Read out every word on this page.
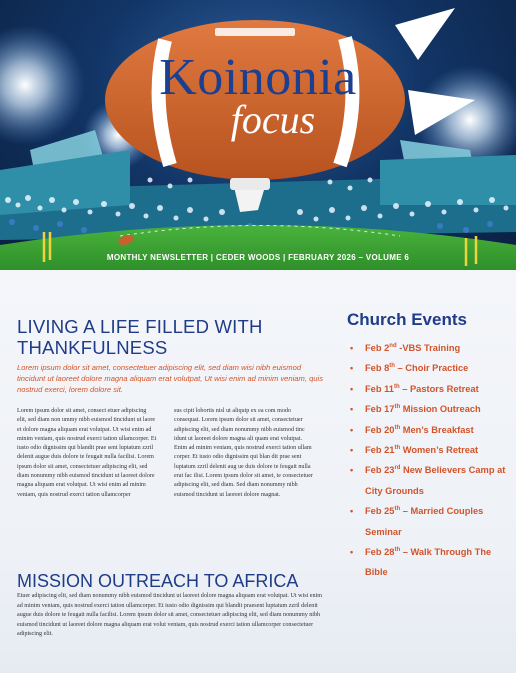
Koinonia
focus
MONTHLY NEWSLETTER | CEDER WOODS | FEBRUARY 2026 – VOLUME 6
LIVING A LIFE FILLED WITH THANKFULNESS

Lorem ipsum dolor sit amet, consectetuer adipiscing elit, sed diam wisi nibh euismod tincidunt ut laoreet dolore magna aliquam erat volutpat, Ut wisi enim ad minim veniam, quis nostrud exerci, lorem dolore sit.

Lorem ipsum dolor sit amet, consect etuer adipiscing elit, sed diam non ummy nibh euismod tincidunt ut laore et dolore magna aliquam erat volutpat. Ut wisi enim ad minim veniam, quis nostrud exerci tation ullamcorper. Et iusto odio dignissim qui blandit prae sent luptatum zzril delenit augue duis dolore te feugait nulla facilisi. Lorem ipsum dolor sit amet, consectetuer adipiscing elit, sed diam nonummy nibh euismod tincidunt ut laoreet dolore magna aliquam erat volutpat. Ut wisi enim ad minim veniam, quis nostrud exerci tation ullamcorper

sus cipit lobortis nisl ut aliquip ex ea com modo consequat. Lorem ipsum dolor sit amet, consectetuer adipiscing elit, sed diam nonummy nibh euismod tinc idunt ut laoreet dolore magna ali quam erat volutpat. Enim ad minim veniam, quis nostrud exerci tation ullam corper. Et iusto odio dignissim qui blan dit prae sent luptatum zzril delenit aug ue duis dolore te feugait nulla erat fac ilisi. Lorem ipsum dolor sit amet, te consectetuer adipiscing elit, sed diam. Sed diam nonummy nibh euismod tincidunt ut laoreet dolore magnat.

MISSION OUTREACH TO AFRICA

Etuer adipiscing elit, sed diam nonummy nibh euismod tincidunt ut laoreet dolore magna aliquam erat volutpat. Ut wisi enim ad minim veniam, quis nostrud exerci tation ullamcorper. Et iusto odio dignissim qui blandit praesent luptatum zzril delenit augue duis dolore te feugait nulla facilisi. Lorem ipsum dolor sit amet, consectetuer adipiscing elit, sed diam nonummy nibh euismod tincidunt ut laoreet dolore magna aliquam erat volut veniam, quis nostrud exerci tation ullamcorper consectetuer adipiscing elit.

Church Events
• Feb 2nd -VBS Training
• Feb 8th – Choir Practice
• Feb 11th – Pastors Retreat
• Feb 17th Mission Outreach
• Feb 20th Men’s Breakfast
• Feb 21th Women’s Retreat
• Feb 23rd New Believers Camp at City Grounds
• Feb 25th – Married Couples Seminar
• Feb 28th – Walk Through The Bible
